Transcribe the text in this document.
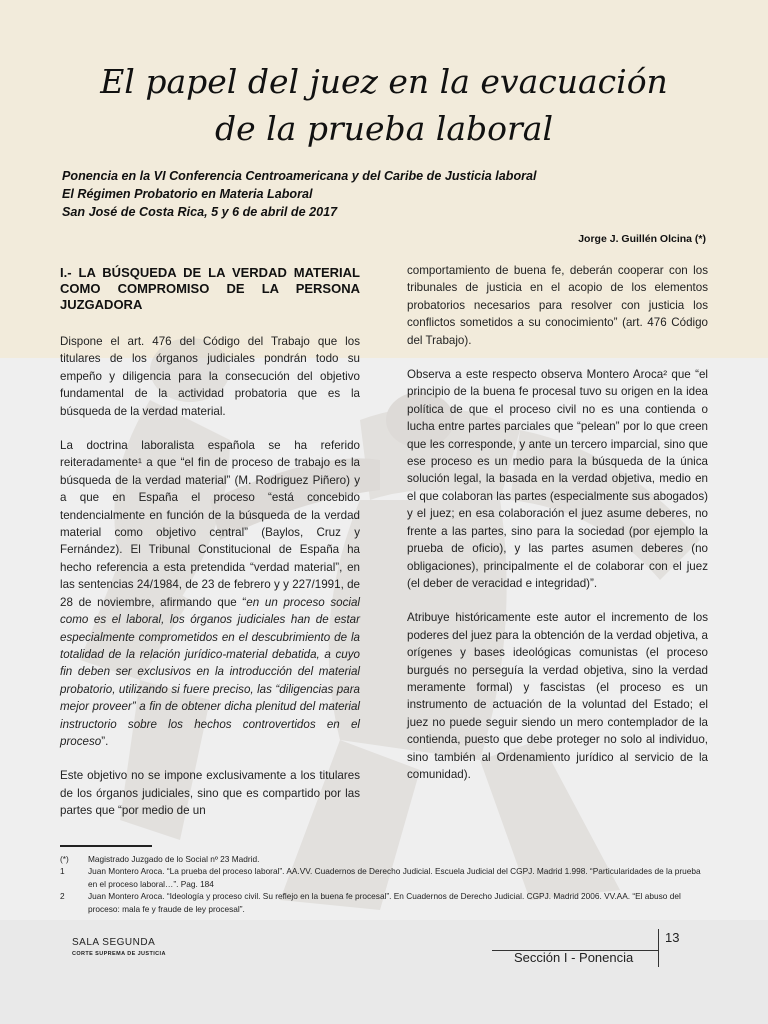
El papel del juez en la evacuación
de la prueba laboral
Ponencia en la VI Conferencia Centroamericana y del Caribe de Justicia laboral
El Régimen Probatorio en Materia Laboral
San José de Costa Rica, 5 y 6 de abril de 2017
Jorge J. Guillén Olcina (*)
I.- LA BÚSQUEDA DE LA VERDAD MATERIAL COMO COMPROMISO DE LA PERSONA JUZGADORA

Dispone el art. 476 del Código del Trabajo que los titulares de los órganos judiciales pondrán todo su empeño y diligencia para la consecución del objetivo fundamental de la actividad probatoria que es la búsqueda de la verdad material.

La doctrina laboralista española se ha referido reiteradamente¹ a que “el fin de proceso de trabajo es la búsqueda de la verdad material” (M. Rodriguez Piñero) y a que en España el proceso “está concebido tendencialmente en función de la búsqueda de la verdad material como objetivo central” (Baylos, Cruz y Fernández). El Tribunal Constitucional de España ha hecho referencia a esta pretendida “verdad material”, en las sentencias 24/1984, de 23 de febrero y y 227/1991, de 28 de noviembre, afirmando que “en un proceso social como es el laboral, los órganos judiciales han de estar especialmente comprometidos en el descubrimiento de la totalidad de la relación jurídico-material debatida, a cuyo fin deben ser exclusivos en la introducción del material probatorio, utilizando si fuere preciso, las “diligencias para mejor proveer” a fin de obtener dicha plenitud del material instructorio sobre los hechos controvertidos en el proceso”.

Este objetivo no se impone exclusivamente a los titulares de los órganos judiciales, sino que es compartido por las partes que “por medio de un

comportamiento de buena fe, deberán cooperar con los tribunales de justicia en el acopio de los elementos probatorios necesarios para resolver con justicia los conflictos sometidos a su conocimiento” (art. 476 Código del Trabajo).

Observa a este respecto observa Montero Aroca² que “el principio de la buena fe procesal tuvo su origen en la idea política de que el proceso civil no es una contienda o lucha entre partes parciales que “pelean” por lo que creen que les corresponde, y ante un tercero imparcial, sino que ese proceso es un medio para la búsqueda de la única solución legal, la basada en la verdad objetiva, medio en el que colaboran las partes (especialmente sus abogados) y el juez; en esa colaboración el juez asume deberes, no frente a las partes, sino para la sociedad (por ejemplo la prueba de oficio), y las partes asumen deberes (no obligaciones), principalmente el de colaborar con el juez (el deber de veracidad e integridad)”.

Atribuye históricamente este autor el incremento de los poderes del juez para la obtención de la verdad objetiva, a orígenes y bases ideológicas comunistas (el proceso burgués no perseguía la verdad objetiva, sino la verdad meramente formal) y fascistas (el proceso es un instrumento de actuación de la voluntad del Estado; el juez no puede seguir siendo un mero contemplador de la contienda, puesto que debe proteger no solo al individuo, sino también al Ordenamiento jurídico al servicio de la comunidad).

(*)	Magistrado Juzgado de lo Social nº 23 Madrid.
1	Juan Montero Aroca. “La prueba del proceso laboral”. AA.VV. Cuadernos de Derecho Judicial. Escuela Judicial del CGPJ. Madrid 1.998. “Particularidades de la prueba en el proceso laboral…”. Pag. 184
2	Juan Montero Aroca. “Ideología y proceso civil. Su reflejo en la buena fe procesal”. En Cuadernos de Derecho Judicial. CGPJ. Madrid 2006. VV.AA. “El abuso del proceso: mala fe y fraude de ley procesal”.
SALA SEGUNDA
CORTE SUPREMA DE JUSTICIA
13
Sección I - Ponencia
